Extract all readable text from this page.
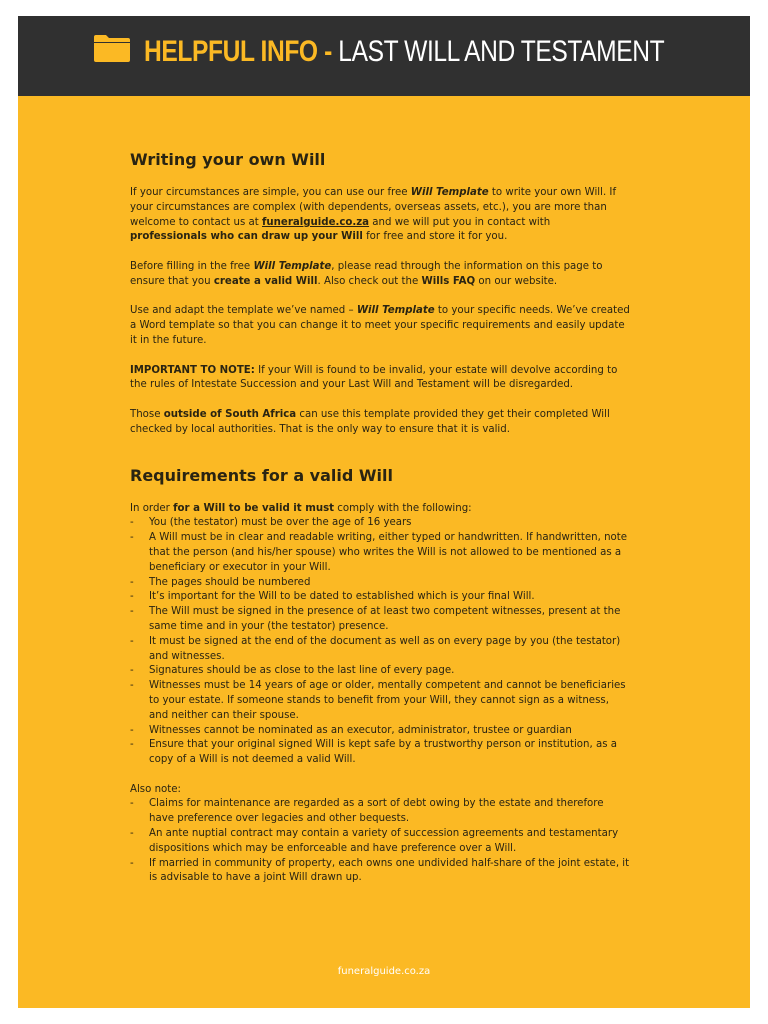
HELPFUL INFO - LAST WILL AND TESTAMENT
funeralguide.co.za
Writing your own Will

If your circumstances are simple, you can use our free Will Template to write your own Will. If your circumstances are complex (with dependents, overseas assets, etc.), you are more than welcome to contact us at funeralguide.co.za and we will put you in contact with professionals who can draw up your Will for free and store it for you.

Before filling in the free Will Template, please read through the information on this page to ensure that you create a valid Will. Also check out the Wills FAQ on our website.

Use and adapt the template we’ve named – Will Template to your specific needs. We’ve created a Word template so that you can change it to meet your specific requirements and easily update it in the future.

IMPORTANT TO NOTE: If your Will is found to be invalid, your estate will devolve according to the rules of Intestate Succession and your Last Will and Testament will be disregarded.

Those outside of South Africa can use this template provided they get their completed Will checked by local authorities. That is the only way to ensure that it is valid.

Requirements for a valid Will

In order for a Will to be valid it must comply with the following:

- You (the testator) must be over the age of 16 years
- A Will must be in clear and readable writing, either typed or handwritten. If handwritten, note that the person (and his/her spouse) who writes the Will is not allowed to be mentioned as a beneficiary or executor in your Will.
- The pages should be numbered
- It’s important for the Will to be dated to established which is your final Will.
- The Will must be signed in the presence of at least two competent witnesses, present at the same time and in your (the testator) presence.
- It must be signed at the end of the document as well as on every page by you (the testator) and witnesses.
- Signatures should be as close to the last line of every page.
- Witnesses must be 14 years of age or older, mentally competent and cannot be beneficiaries to your estate. If someone stands to benefit from your Will, they cannot sign as a witness, and neither can their spouse.
- Witnesses cannot be nominated as an executor, administrator, trustee or guardian
- Ensure that your original signed Will is kept safe by a trustworthy person or institution, as a copy of a Will is not deemed a valid Will.

Also note:

- Claims for maintenance are regarded as a sort of debt owing by the estate and therefore have preference over legacies and other bequests.
- An ante nuptial contract may contain a variety of succession agreements and testamentary dispositions which may be enforceable and have preference over a Will.
- If married in community of property, each owns one undivided half-share of the joint estate, it is advisable to have a joint Will drawn up.
